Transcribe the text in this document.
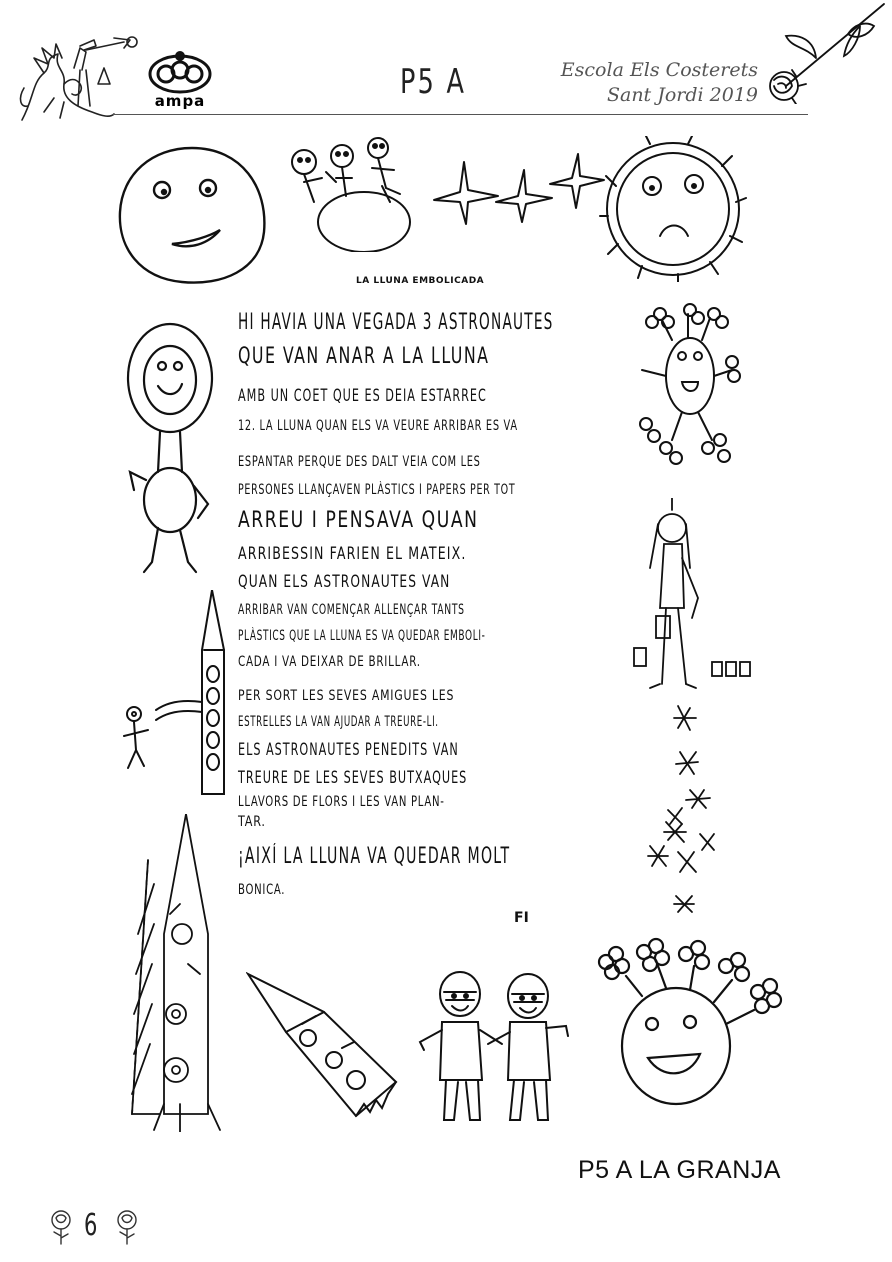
ampa	P5 A	Escola Els Costerets
Sant Jordi 2019
LA LLUNA EMBOLICADA
HI HAVIA UNA VEGADA 3 ASTRONAUTES
QUE VAN ANAR A LA LLUNA
AMB UN COET QUE ES DEIA ESTARREC
12. LA LLUNA QUAN ELS VA VEURE ARRIBAR ES VA
ESPANTAR PERQUE DES DALT VEIA COM LES
PERSONES LLANÇAVEN PLÀSTICS I PAPERS PER TOT
ARREU I PENSAVA QUAN
ARRIBESSIN FARIEN EL MATEIX.
QUAN ELS ASTRONAUTES VAN
ARRIBAR VAN COMENÇAR ALLENÇAR TANTS
PLÀSTICS QUE LA LLUNA ES VA QUEDAR EMBOLI-
CADA I VA DEIXAR DE BRILLAR.
PER SORT LES SEVES AMIGUES LES
ESTRELLES LA VAN AJUDAR A TREURE-LI.
ELS ASTRONAUTES PENEDITS VAN
TREURE DE LES SEVES BUTXAQUES
LLAVORS DE FLORS I LES VAN PLAN-
TAR.
¡AIXÍ LA LLUNA VA QUEDAR MOLT
BONICA.
FI
P5 A LA GRANJA
6
